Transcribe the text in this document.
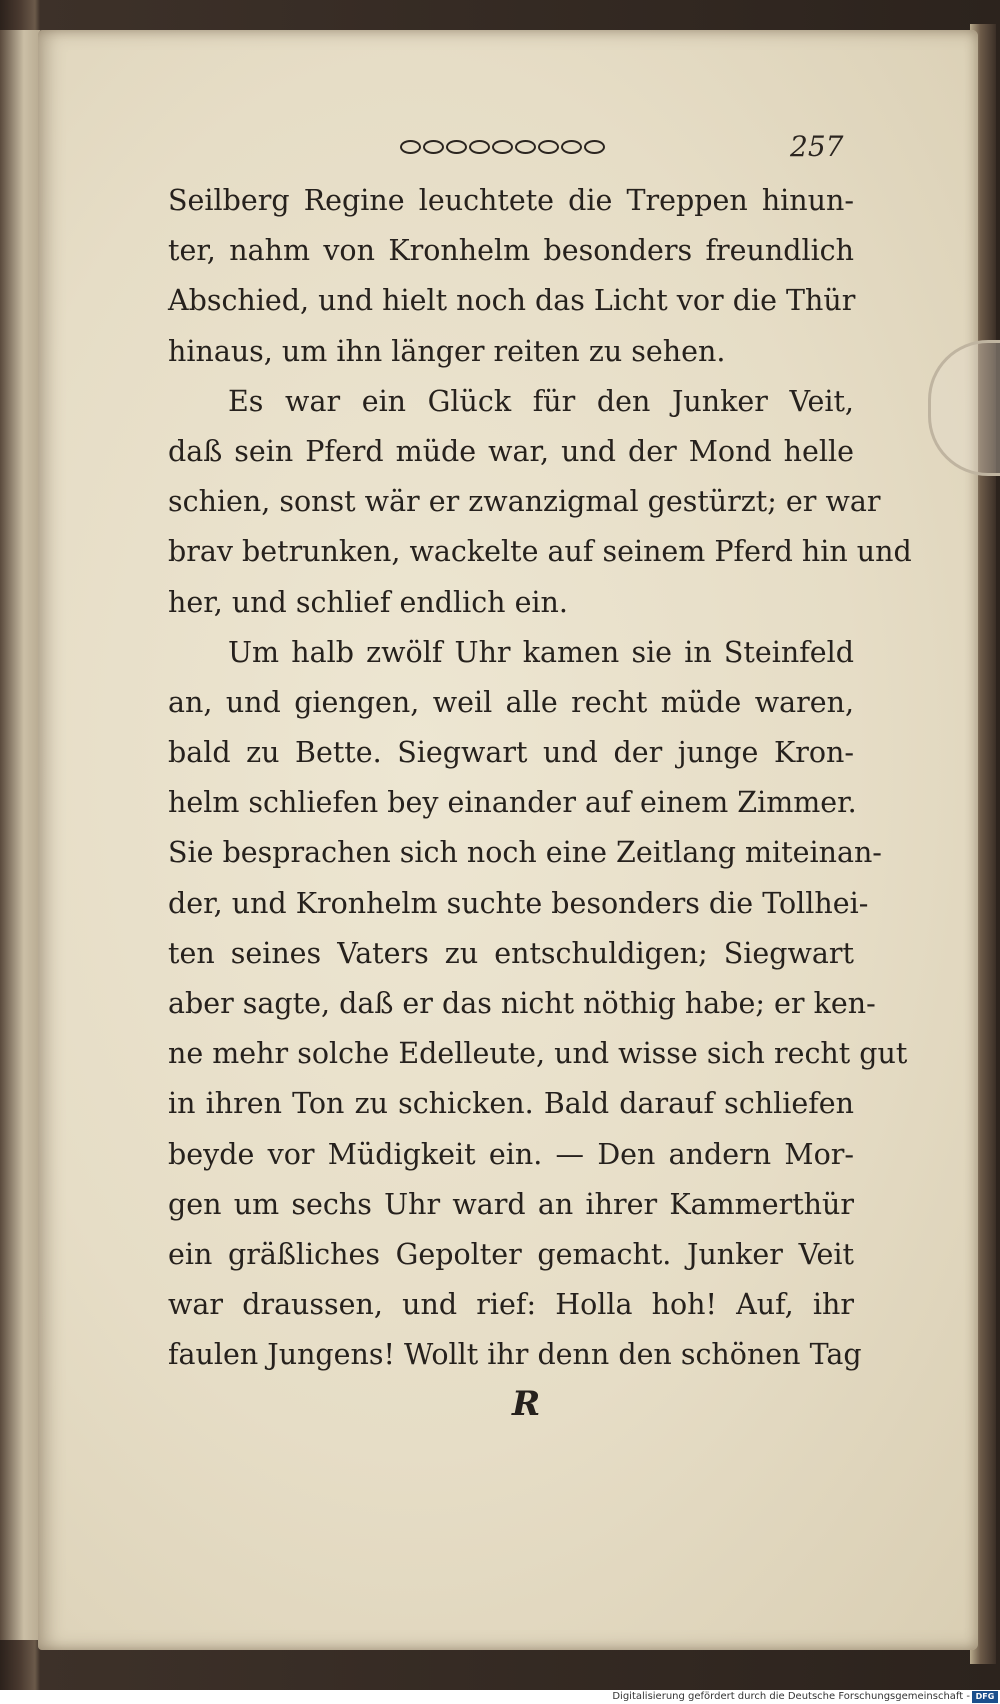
257
Seilberg Regine leuchtete die Treppen hinun-
ter, nahm von Kronhelm besonders freundlich
Abschied, und hielt noch das Licht vor die Thür
hinaus, um ihn länger reiten zu sehen.
Es war ein Glück für den Junker Veit,
daß sein Pferd müde war, und der Mond helle
schien, sonst wär er zwanzigmal gestürzt; er war
brav betrunken, wackelte auf seinem Pferd hin und
her, und schlief endlich ein.
Um halb zwölf Uhr kamen sie in Steinfeld
an, und giengen, weil alle recht müde waren,
bald zu Bette. Siegwart und der junge Kron-
helm schliefen bey einander auf einem Zimmer.
Sie besprachen sich noch eine Zeitlang miteinan-
der, und Kronhelm suchte besonders die Tollhei-
ten seines Vaters zu entschuldigen; Siegwart
aber sagte, daß er das nicht nöthig habe; er ken-
ne mehr solche Edelleute, und wisse sich recht gut
in ihren Ton zu schicken. Bald darauf schliefen
beyde vor Müdigkeit ein. — Den andern Mor-
gen um sechs Uhr ward an ihrer Kammerthür
ein gräßliches Gepolter gemacht. Junker Veit
war draussen, und rief: Holla hoh! Auf, ihr
faulen Jungens! Wollt ihr denn den schönen Tag
R
Digitalisierung gefördert durch die Deutsche Forschungsgemeinschaft - DFG
